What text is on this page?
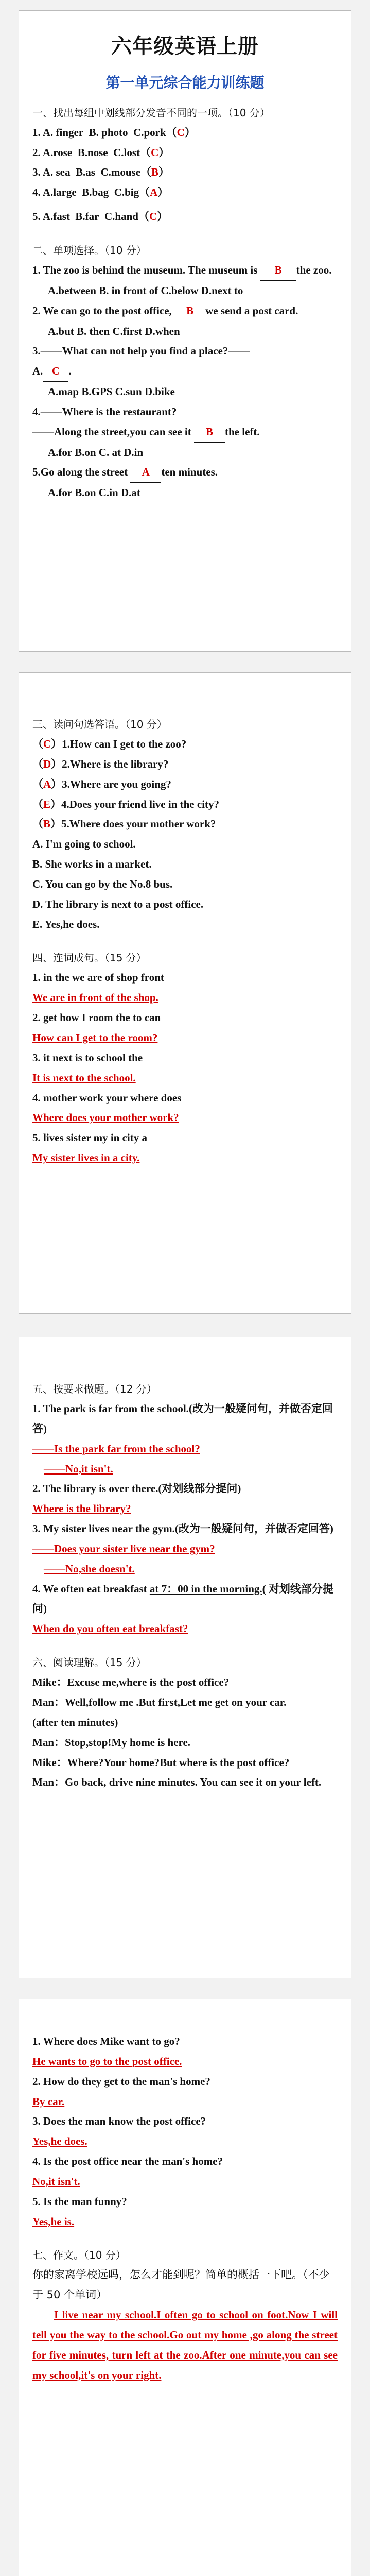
六年级英语上册
第一单元综合能力训练题
一、找出每组中划线部分发音不同的一项。（10 分）
1. A. finger B. photo C.pork（C）
2. A.rose B.nose C.lost（C）
3. A. sea B.as C.mouse（B）
4. A.large B.bag C.big（A）
5. A.fast B.far C.hand（C）
二、单项选择。（10 分）
1. The zoo is behind the museum. The museum is B the zoo.
A.between B. in front of C.below D.next to
2. We can go to the post office, B we send a post card.
A.but B. then C.first D.when
3.——What can not help you find a place?——
A. C .
A.map B.GPS C.sun D.bike
4.——Where is the restaurant?
——Along the street,you can see it B the left.
A.for B.on C. at D.in
5.Go along the street A ten minutes.
A.for B.on C.in D.at
三、读问句选答语。（10 分）
（C）1.How can I get to the zoo?
（D）2.Where is the library?
（A）3.Where are you going?
（E）4.Does your friend live in the city?
（B）5.Where does your mother work?
A. I'm going to school.
B. She works in a market.
C. You can go by the No.8 bus.
D. The library is next to a post office.
E. Yes,he does.
四、连词成句。（15 分）
1. in the we are of shop front
We are in front of the shop.
2. get how I room the to can
How can I get to the room?
3. it next is to school the
It is next to the school.
4. mother work your where does
Where does your mother work?
5. lives sister my in city a
My sister lives in a city.
五、按要求做题。（12 分）
1. The park is far from the school.(改为一般疑问句，并做否定回答)
——Is the park far from the school?
——No,it isn't.
2. The library is over there.(对划线部分提问)
Where is the library?
3. My sister lives near the gym.(改为一般疑问句，并做否定回答)
——Does your sister live near the gym?
——No,she doesn't.
4. We often eat breakfast at 7：00 in the morning.( 对划线部分提问)
When do you often eat breakfast?
六、阅读理解。（15 分）
Mike：Excuse me,where is the post office?
Man：Well,follow me .But first,Let me get on your car.
(after ten minutes)
Man：Stop,stop!My home is here.
Mike：Where?Your home?But where is the post office?
Man：Go back, drive nine minutes. You can see it on your left.
1. Where does Mike want to go?
He wants to go to the post office.
2. How do they get to the man's home?
By car.
3. Does the man know the post office?
Yes,he does.
4. Is the post office near the man's home?
No,it isn't.
5. Is the man funny?
Yes,he is.
七、作文。（10 分）
你的家离学校远吗，怎么才能到呢？简单的概括一下吧。（不少于 50 个单词）
I live near my school.I often go to school on foot.Now I will tell you the way to the school.Go out my home ,go along the street for five minutes, turn left at the zoo.After one minute,you can see my school,it's on your right.
